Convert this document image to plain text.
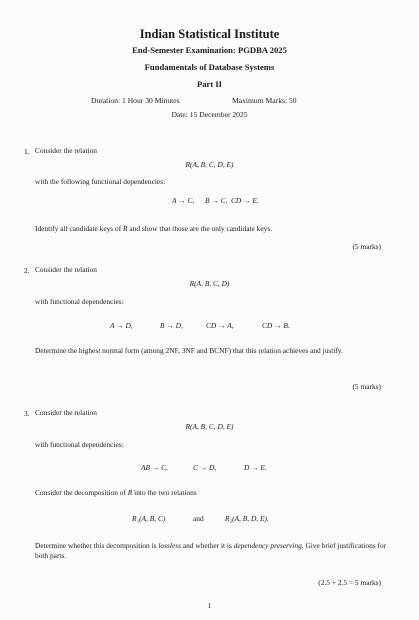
Indian Statistical Institute
End-Semester Examination: PGDBA 2025
Fundamentals of Database Systems
Part II
Duration: 1 Hour 30 Minutes	Maximum Marks: 50
Date: 15 December 2025
1. Consider the relation
R(A, B, C, D, E)
with the following functional dependencies:
A → C, B → C, CD → E.
Identify all candidate keys of R and show that those are the only candidate keys.
(5 marks)
2. Consider the relation
R(A, B, C, D)
with functional dependencies:
A → D,	B → D,	CD → A,	CD → B.
Determine the highest normal form (among 2NF, 3NF and BCNF) that this relation achieves and justify.
(5 marks)
3. Consider the relation
R(A, B, C, D, E)
with functional dependencies:
AB → C,	C → D,	D → E.
Consider the decomposition of R into the two relations
R₁(A, B, C)	and	R₂(A, B, D, E).
Determine whether this decomposition is lossless and whether it is dependency preserving. Give brief justifications for both parts.
(2.5 + 2.5 = 5 marks)
1
